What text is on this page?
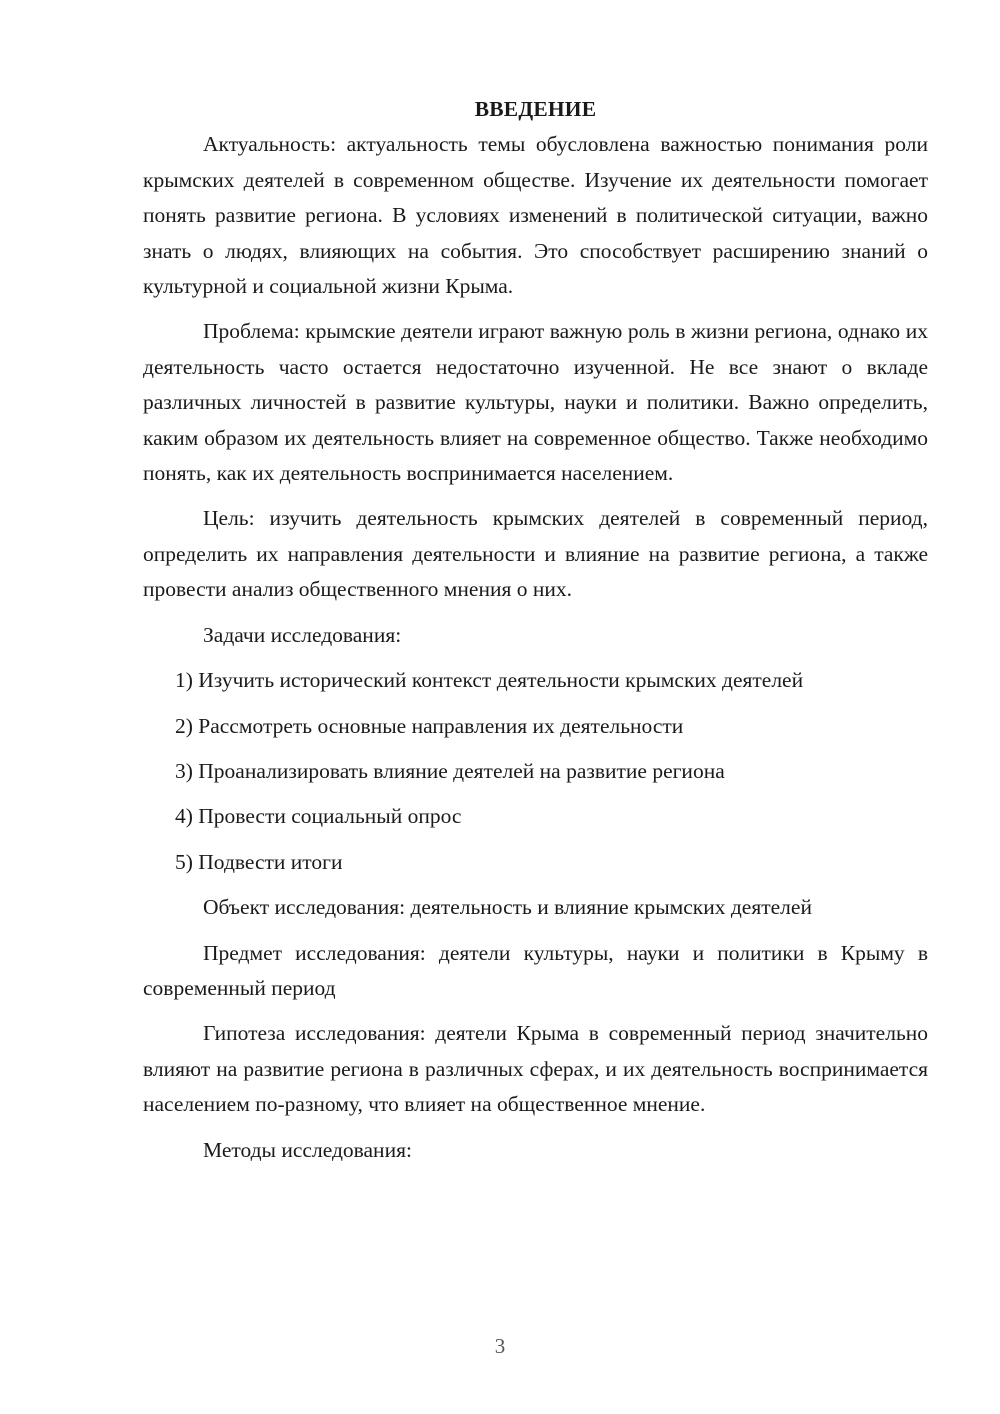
ВВЕДЕНИЕ

Актуальность: актуальность темы обусловлена важностью понимания роли крымских деятелей в современном обществе. Изучение их деятельности помогает понять развитие региона. В условиях изменений в политической ситуации, важно знать о людях, влияющих на события. Это способствует расширению знаний о культурной и социальной жизни Крыма.

Проблема: крымские деятели играют важную роль в жизни региона, однако их деятельность часто остается недостаточно изученной. Не все знают о вкладе различных личностей в развитие культуры, науки и политики. Важно определить, каким образом их деятельность влияет на современное общество. Также необходимо понять, как их деятельность воспринимается населением.

Цель: изучить деятельность крымских деятелей в современный период, определить их направления деятельности и влияние на развитие региона, а также провести анализ общественного мнения о них.

Задачи исследования:

1) Изучить исторический контекст деятельности крымских деятелей
2) Рассмотреть основные направления их деятельности
3) Проанализировать влияние деятелей на развитие региона
4) Провести социальный опрос
5) Подвести итоги

Объект исследования: деятельность и влияние крымских деятелей

Предмет исследования: деятели культуры, науки и политики в Крыму в современный период

Гипотеза исследования: деятели Крыма в современный период значительно влияют на развитие региона в различных сферах, и их деятельность воспринимается населением по-разному, что влияет на общественное мнение.

Методы исследования:

3
